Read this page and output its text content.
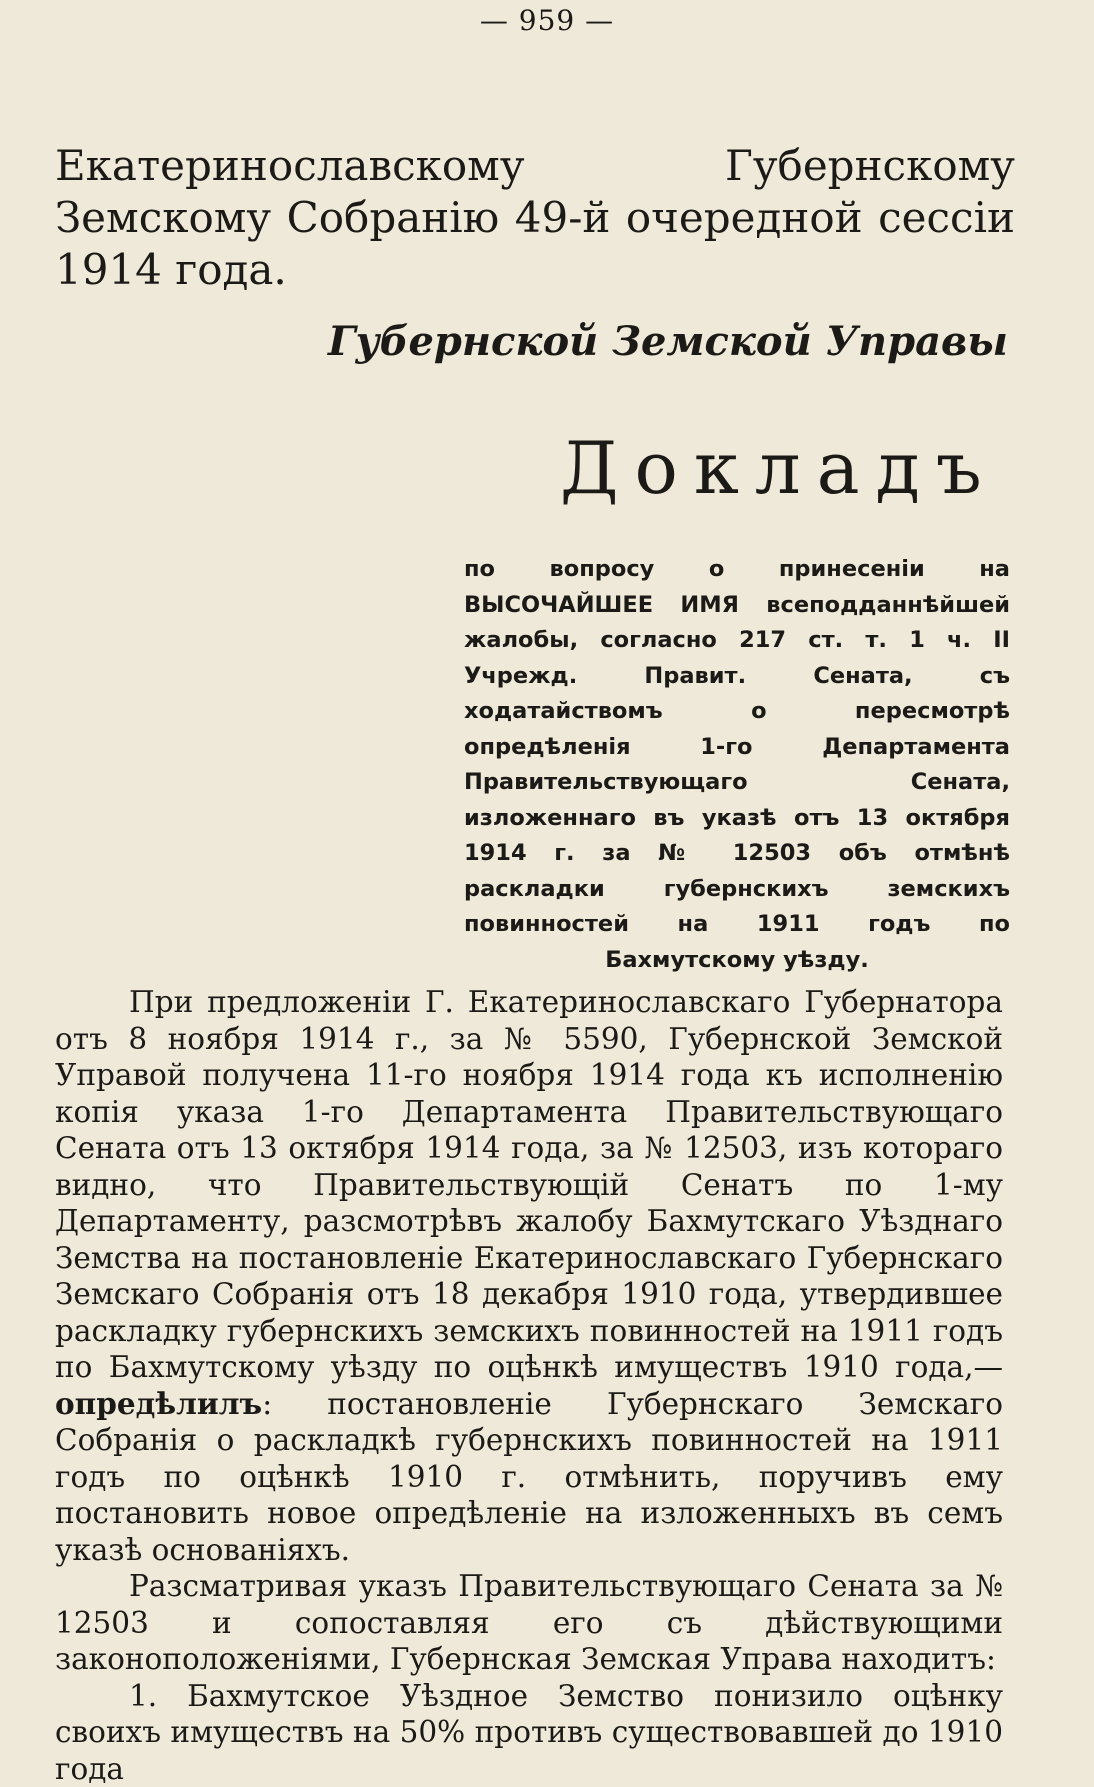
— 959 —
Екатеринославскому Губернскому Земскому Собранію 49-й очередной сессіи 1914 года.
Губернской Земской Управы
Докладъ
по вопросу о принесеніи на ВЫСОЧАЙШЕЕ ИМЯ всеподданнѣйшей жалобы, согласно 217 ст. т. 1 ч. II Учрежд. Правит. Сената, съ ходатайствомъ о пересмотрѣ опредѣленія 1-го Департамента Правительствующаго Сената, изложеннаго въ указѣ отъ 13 октября 1914 г. за № 12503 объ отмѣнѣ раскладки губернскихъ земскихъ повинностей на 1911 годъ по Бахмутскому уѣзду.

При предложеніи Г. Екатеринославскаго Губернатора отъ 8 ноября 1914 г., за № 5590, Губернской Земской Управой получена 11-го ноября 1914 года къ исполненію копія указа 1-го Департамента Правительствующаго Сената отъ 13 октября 1914 года, за № 12503, изъ котораго видно, что Правительствующій Сенатъ по 1-му Департаменту, разсмотрѣвъ жалобу Бахмутскаго Уѣзднаго Земства на постановленіе Екатеринославскаго Губернскаго Земскаго Собранія отъ 18 декабря 1910 года, утвердившее раскладку губернскихъ земскихъ повинностей на 1911 годъ по Бахмутскому уѣзду по оцѣнкѣ имуществъ 1910 года,—опредѣлилъ: постановленіе Губернскаго Земскаго Собранія о раскладкѣ губернскихъ повинностей на 1911 годъ по оцѣнкѣ 1910 г. отмѣнить, поручивъ ему постановить новое опредѣленіе на изложенныхъ въ семъ указѣ основаніяхъ.

Разсматривая указъ Правительствующаго Сената за № 12503 и сопоставляя его съ дѣйствующими законоположеніями, Губернская Земская Управа находитъ:

1. Бахмутское Уѣздное Земство понизило оцѣнку своихъ имуществъ на 50% противъ существовавшей до 1910 года
